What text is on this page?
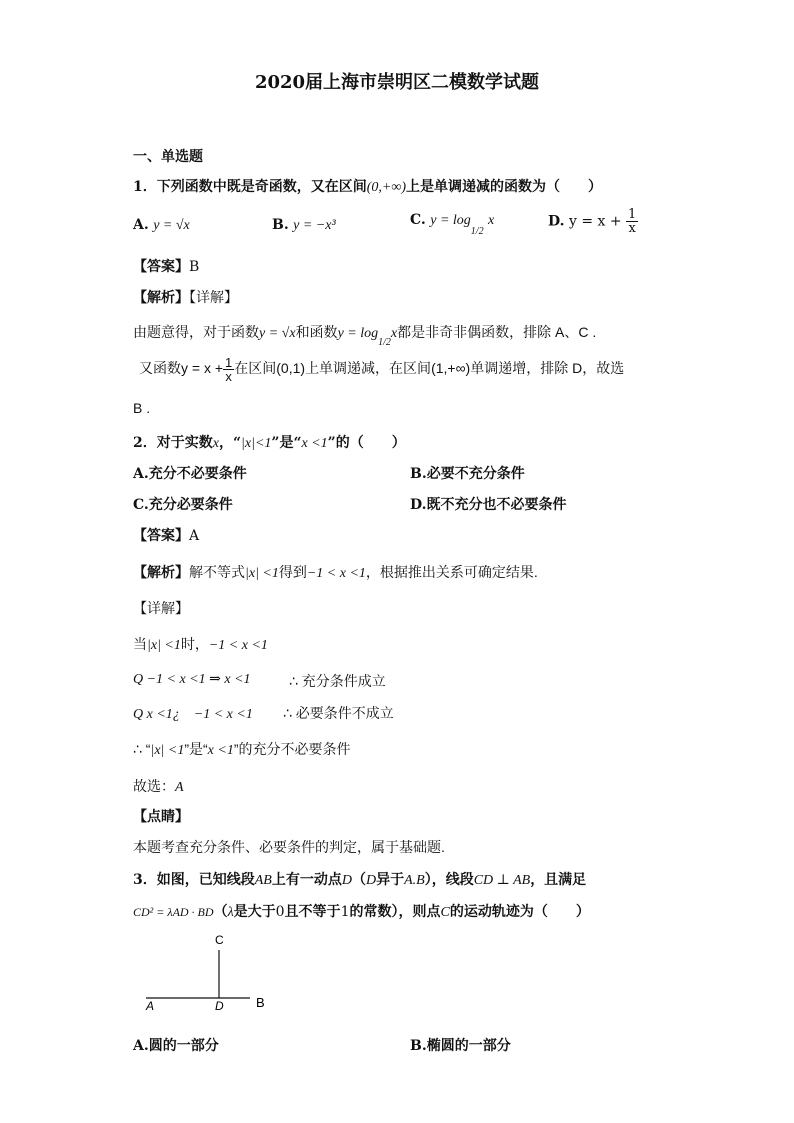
2020届上海市崇明区二模数学试题
一、单选题
1．下列函数中既是奇函数，又在区间(0,+∞)上是单调递减的函数为（　　）
A. y = √x	B. y = −x³	C. $y = \log_{1/2} x$	D. $y = x + \frac{1}{x}$
【答案】B
【解析】【详解】
由题意得，对于函数y = √x和函数$y = \log_{1/2}x$都是非奇非偶函数，排除 A、C .
又函数$y = x + \frac{1}{x}$ 在区间(0,1)上单调递减，在区间(1,+∞)单调递增，排除 D，故选
B .
2．对于实数x，“|x|<1”是“x <1”的（　　）
A.充分不必要条件	B.必要不充分条件
C.充分必要条件	D.既不充分也不必要条件
【答案】A
【解析】解不等式|x| <1得到−1 < x <1，根据推出关系可确定结果.
【详解】
当|x| <1时，−1 < x <1
Q −1 < x <1 ⇒ x <1	∴ 充分条件成立
Q x <1¿　−1 < x <1 ∴ 必要条件不成立
∴ “|x| <1”是“x <1”的充分不必要条件
故选：A
【点睛】
本题考查充分条件、必要条件的判定，属于基础题.
3．如图，已知线段AB上有一动点D（D异于A.B），线段CD ⊥ AB，且满足
CD² = λAD · BD（λ是大于0且不等于1的常数），则点C的运动轨迹为（　　）
C
A	D B
A.圆的一部分	B.椭圆的一部分
